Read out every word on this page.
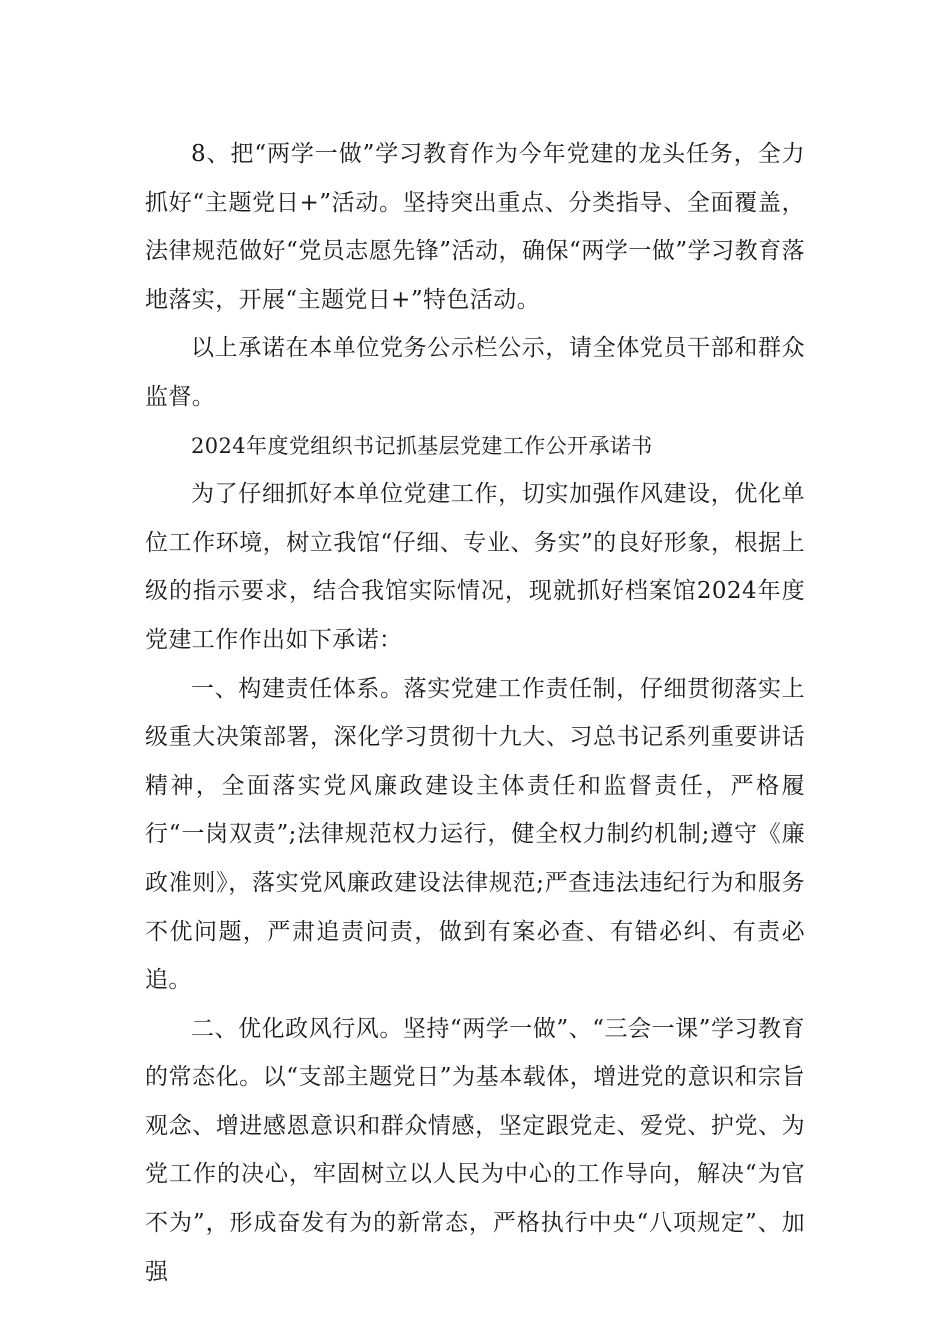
8、把“两学一做”学习教育作为今年党建的龙头任务，全力抓好“主题党日+”活动。坚持突出重点、分类指导、全面覆盖，法律规范做好“党员志愿先锋”活动，确保“两学一做”学习教育落地落实，开展“主题党日+”特色活动。

以上承诺在本单位党务公示栏公示，请全体党员干部和群众监督。

2024年度党组织书记抓基层党建工作公开承诺书

为了仔细抓好本单位党建工作，切实加强作风建设，优化单位工作环境，树立我馆“仔细、专业、务实”的良好形象，根据上级的指示要求，结合我馆实际情况，现就抓好档案馆2024年度党建工作作出如下承诺：

一、构建责任体系。落实党建工作责任制，仔细贯彻落实上级重大决策部署，深化学习贯彻十九大、习总书记系列重要讲话精神，全面落实党风廉政建设主体责任和监督责任，严格履行“一岗双责”;法律规范权力运行，健全权力制约机制;遵守《廉政准则》，落实党风廉政建设法律规范;严查违法违纪行为和服务不优问题，严肃追责问责，做到有案必查、有错必纠、有责必追。

二、优化政风行风。坚持“两学一做”、“三会一课”学习教育的常态化。以“支部主题党日”为基本载体，增进党的意识和宗旨观念、增进感恩意识和群众情感，坚定跟党走、爱党、护党、为党工作的决心，牢固树立以人民为中心的工作导向，解决“为官不为”，形成奋发有为的新常态，严格执行中央“八项规定”、加强
